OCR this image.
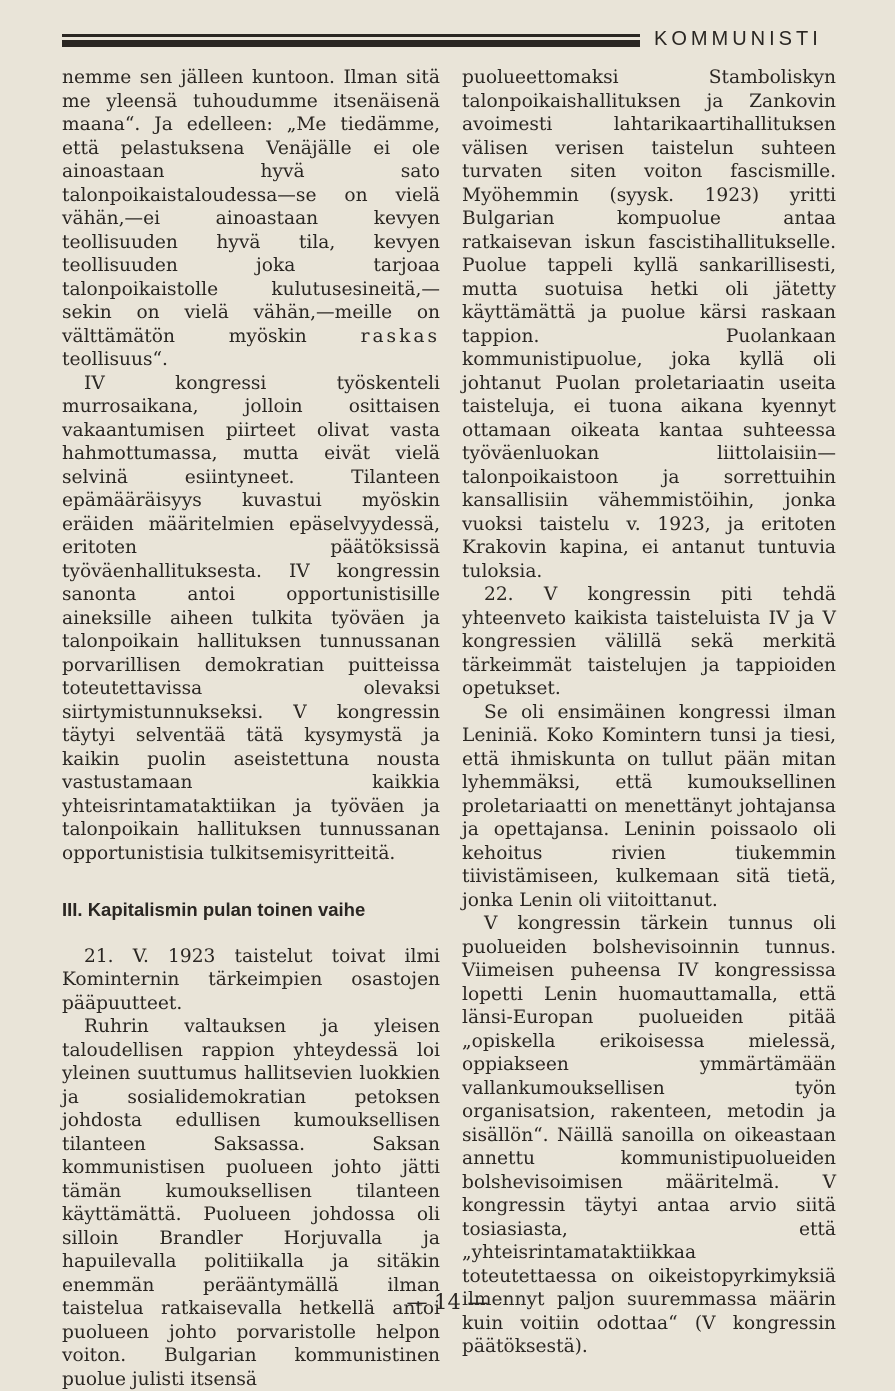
KOMMUNISTI

nemme sen jälleen kuntoon. Ilman sitä me yleensä tuhoudumme itsenäisenä maana“. Ja edelleen: „Me tiedämme, että pelastuksena Venäjälle ei ole ainoastaan hyvä sato talonpoikaistaloudessa—se on vielä vähän,—ei ainoastaan kevyen teollisuuden hyvä tila, kevyen teollisuuden joka tarjoaa talonpoikaistolle kulutusesineitä,—sekin on vielä vähän,—meille on välttämätön myöskin	raskas teollisuus“.

IV kongressi työskenteli murrosaikana, jolloin osittaisen vakaantumisen piirteet olivat vasta hahmottumassa, mutta eivät vielä selvinä esiintyneet. Tilanteen epämääräisyys kuvastui myöskin eräiden määritelmien epäselvyydessä, eritoten päätöksissä työväenhallituksesta. IV kongressin sanonta antoi opportunistisille aineksille aiheen tulkita työväen ja talonpoikain hallituksen tunnussanan porvarillisen demokratian puitteissa toteutettavissa olevaksi siirtymistunnukseksi. V kongressin täytyi selventää tätä kysymystä ja kaikin puolin aseistettuna nousta vastustamaan kaikkia yhteisrintamataktiikan ja työväen ja talonpoikain hallituksen tunnussanan opportunistisia tulkitsemisyritteitä.

III. Kapitalismin pulan toinen vaihe

21. V. 1923 taistelut toivat ilmi Kominternin tärkeimpien osastojen pääpuutteet.

Ruhrin valtauksen ja yleisen taloudellisen rappion yhteydessä loi yleinen suuttumus hallitsevien luokkien ja sosialidemokratian petoksen johdosta edullisen kumouksellisen tilanteen Saksassa. Saksan kommunistisen puolueen johto jätti tämän kumouksellisen tilanteen käyttämättä. Puolueen johdossa oli silloin Brandler Horjuvalla ja hapuilevalla politiikalla ja sitäkin enemmän perääntymällä ilman taistelua ratkaisevalla hetkellä antoi puolueen johto porvaristolle helpon voiton. Bulgarian kommunistinen puolue julisti itsensä

puolueettomaksi Stamboliskyn talonpoikaishallituksen ja Zankovin avoimesti lahtarikaartihallituksen välisen verisen taistelun suhteen turvaten siten voiton fascismille. Myöhemmin (syysk. 1923) yritti Bulgarian kompuolue antaa ratkaisevan iskun fascistihallitukselle. Puolue tappeli kyllä sankarillisesti, mutta suotuisa hetki oli jätetty käyttämättä ja puolue kärsi raskaan tappion. Puolankaan kommunistipuolue, joka kyllä oli johtanut Puolan proletariaatin useita taisteluja, ei tuona aikana kyennyt ottamaan oikeata kantaa suhteessa työväenluokan liittolaisiin—talonpoikaistoon ja sorrettuihin kansallisiin vähemmistöihin, jonka vuoksi taistelu v. 1923, ja eritoten Krakovin kapina, ei antanut tuntuvia tuloksia.

22. V kongressin piti tehdä yhteenveto kaikista taisteluista IV ja V kongressien välillä sekä merkitä tärkeimmät taistelujen ja tappioiden opetukset.

Se oli ensimäinen kongressi ilman Leniniä. Koko Komintern tunsi ja tiesi, että ihmiskunta on tullut pään mitan lyhemmäksi, että kumouksellinen proletariaatti on menettänyt johtajansa ja opettajansa. Leninin poissaolo oli kehoitus rivien tiukemmin tiivistämiseen, kulkemaan sitä tietä, jonka Lenin oli viitoittanut.

V kongressin tärkein tunnus oli puolueiden bolshevisoinnin tunnus. Viimeisen puheensa IV kongressissa lopetti Lenin huomauttamalla, että länsi-Europan puolueiden pitää „opiskella erikoisessa mielessä, oppiakseen ymmärtämään vallankumouksellisen työn organisatsion, rakenteen, metodin ja sisällön“. Näillä sanoilla on oikeastaan annettu kommunistipuolueiden bolshevisoimisen määritelmä. V kongressin täytyi antaa arvio siitä tosiasiasta, että „yhteisrintamataktiikkaa toteutettaessa on oikeistopyrkimyksiä ilmennyt paljon suuremmassa määrin kuin voitiin odottaa“ (V kongressin päätöksestä).

— 14 —
